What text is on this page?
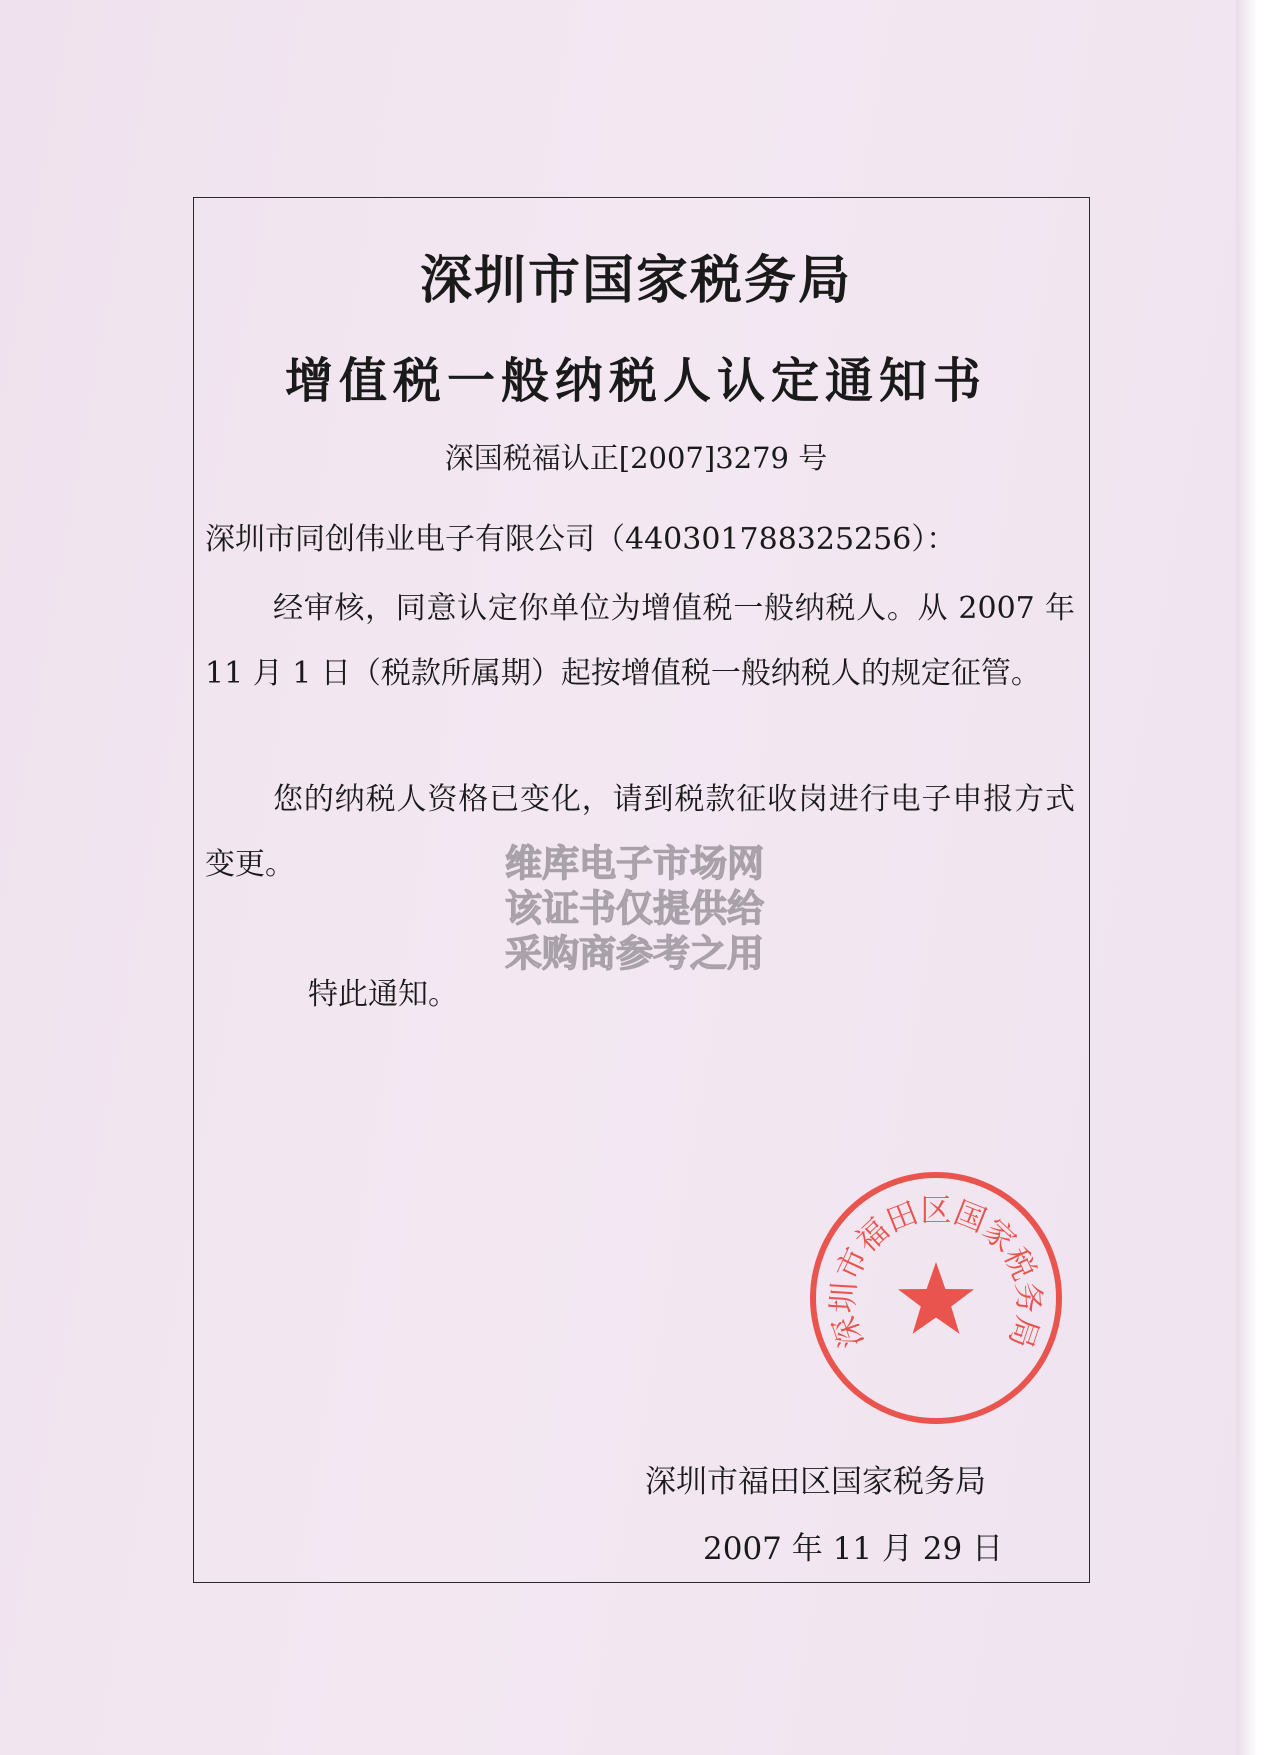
深圳市国家税务局
增值税一般纳税人认定通知书
深国税福认正[2007]3279 号
深圳市同创伟业电子有限公司（440301788325256）：

经审核，同意认定你单位为增值税一般纳税人。从 2007 年 11 月 1 日（税款所属期）起按增值税一般纳税人的规定征管。

您的纳税人资格已变化，请到税款征收岗进行电子申报方式变更。

特此通知。
维库电子市场网
该证书仅提供给
采购商参考之用
深圳市福田区国家税务局
深圳市福田区国家税务局
2007 年 11 月 29 日
